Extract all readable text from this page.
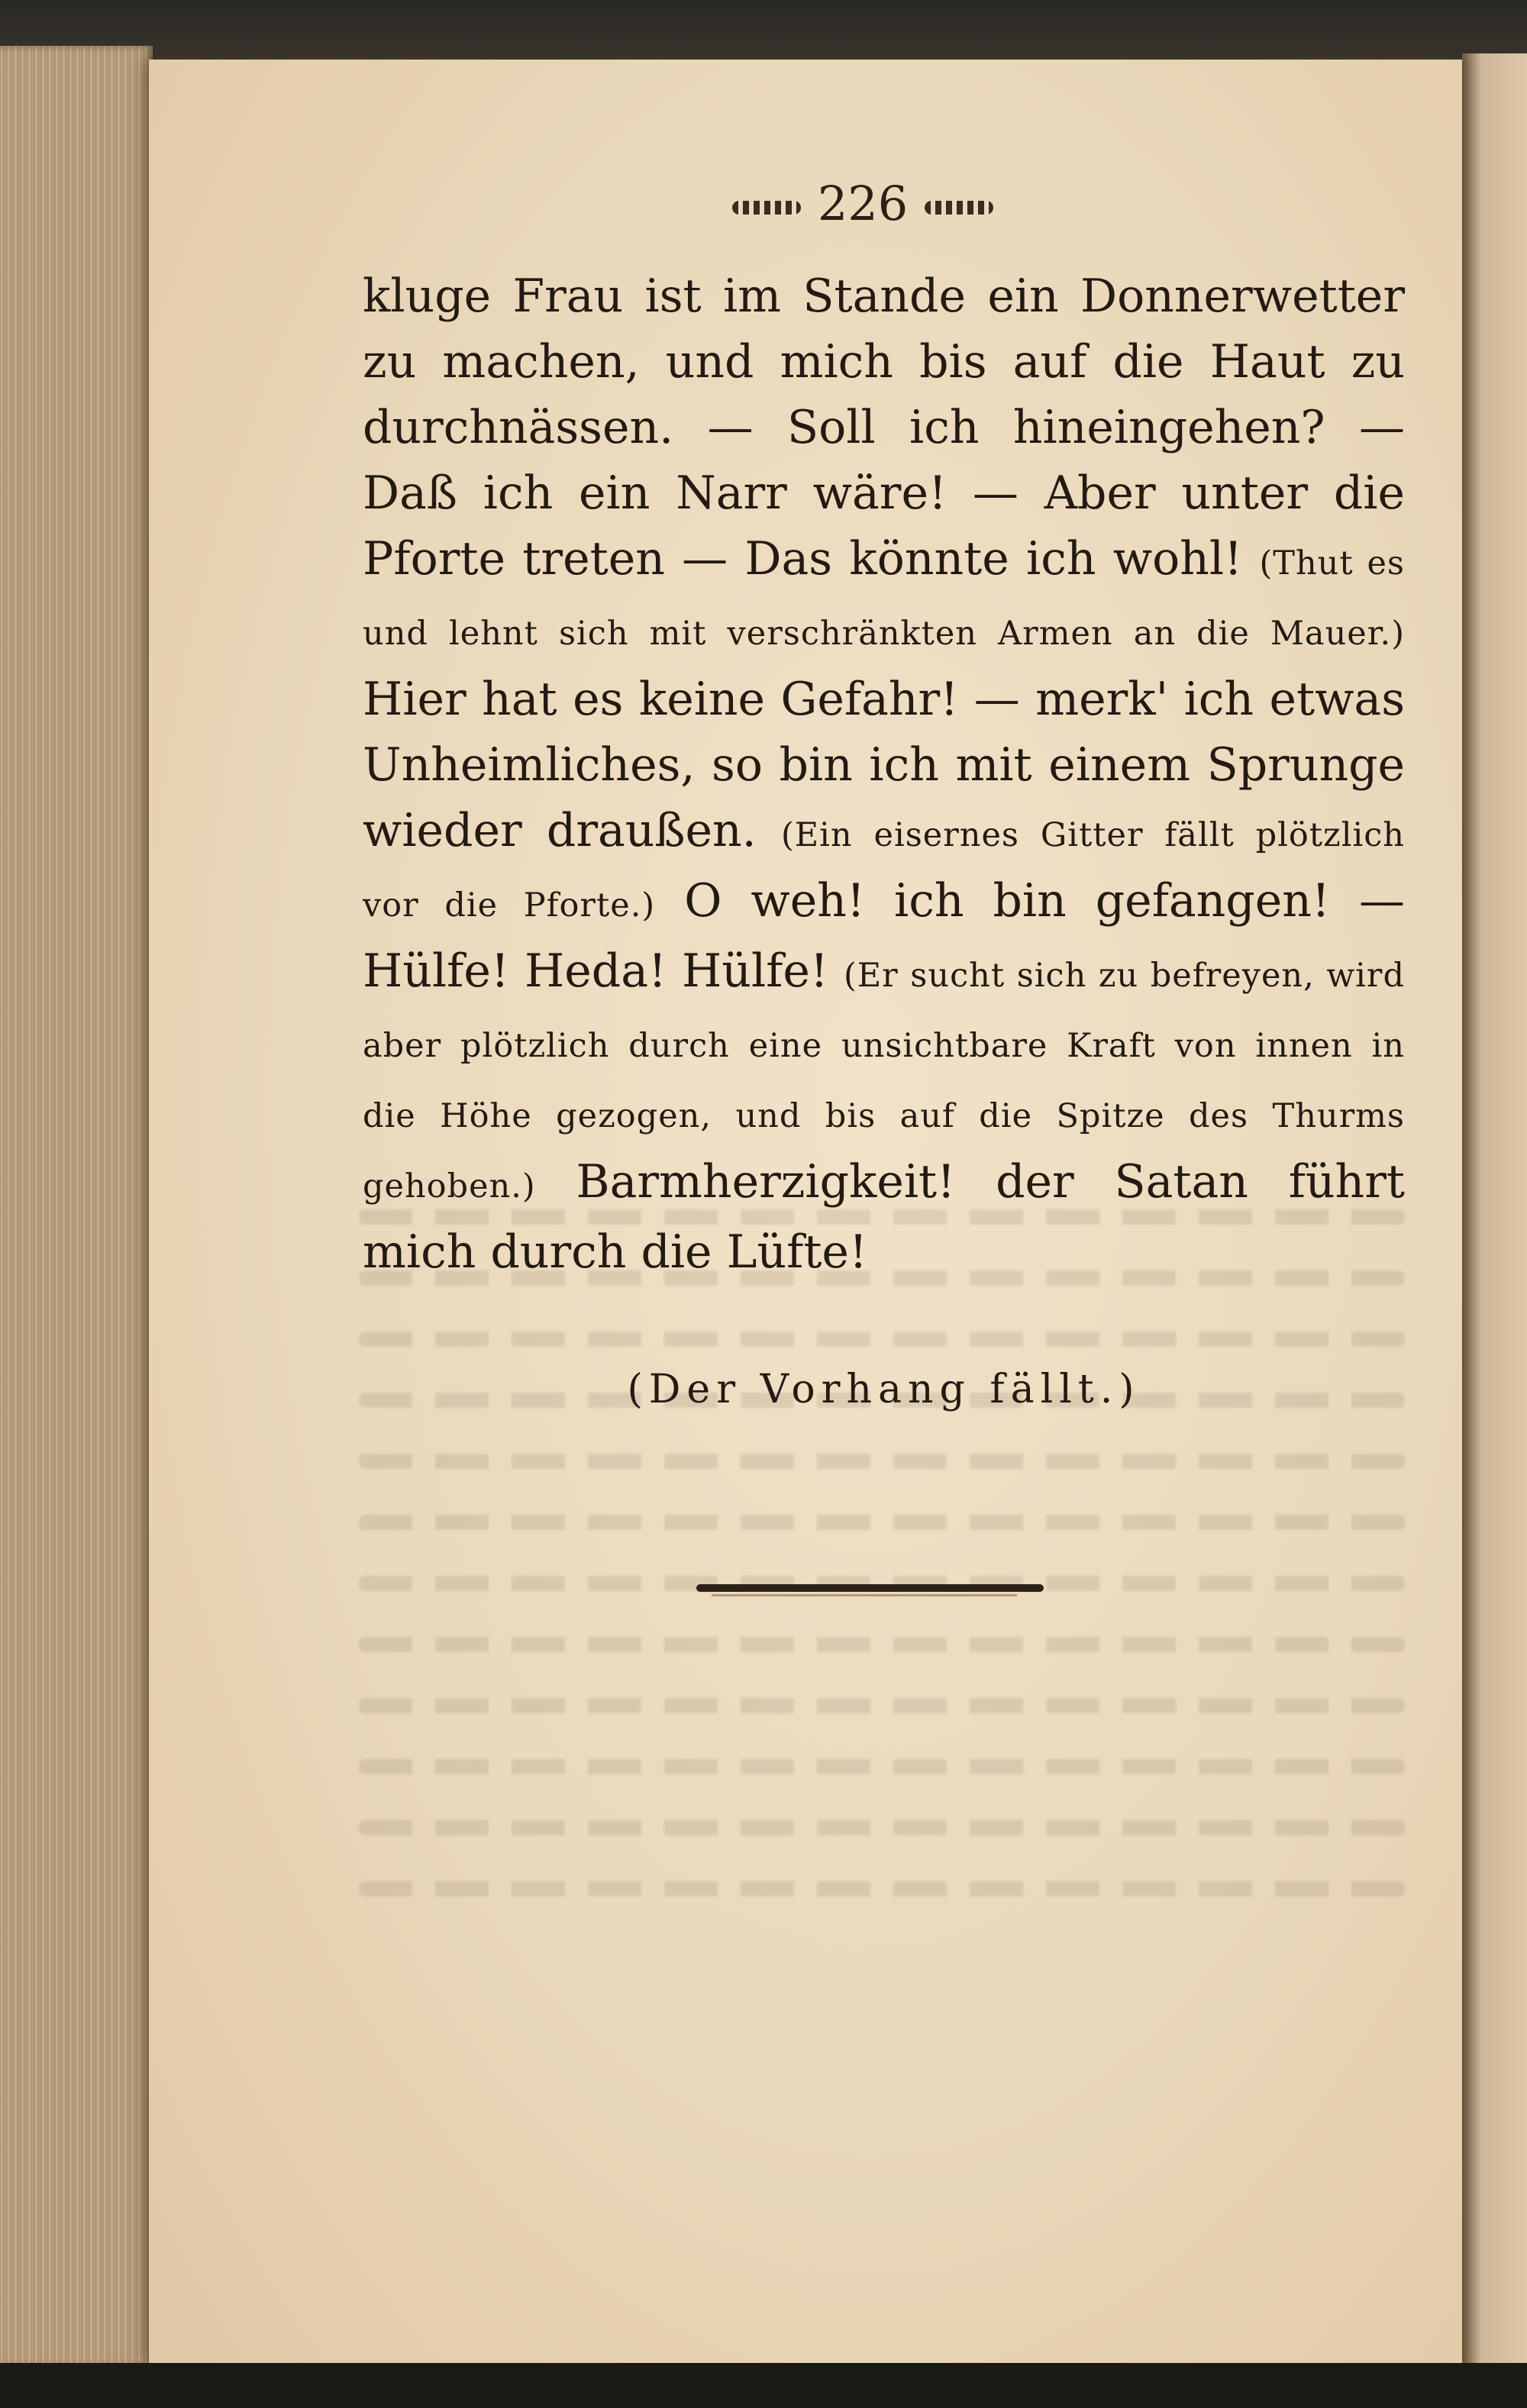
226

kluge Frau ist im Stande ein Donnerwetter zu machen, und mich bis auf die Haut zu durchnässen. — Soll ich hineingehen? — Daß ich ein Narr wäre! — Aber unter die Pforte treten — Das könnte ich wohl! (Thut es und lehnt sich mit verschränkten Armen an die Mauer.) Hier hat es keine Gefahr! — merk' ich etwas Unheimliches, so bin ich mit einem Sprunge wieder draußen. (Ein eisernes Gitter fällt plötzlich vor die Pforte.) O weh! ich bin gefangen! — Hülfe! Heda! Hülfe! (Er sucht sich zu befreyen, wird aber plötzlich durch eine unsichtbare Kraft von innen in die Höhe gezogen, und bis auf die Spitze des Thurms gehoben.) Barmherzigkeit! der Satan führt mich durch die Lüfte!

(Der Vorhang fällt.)
